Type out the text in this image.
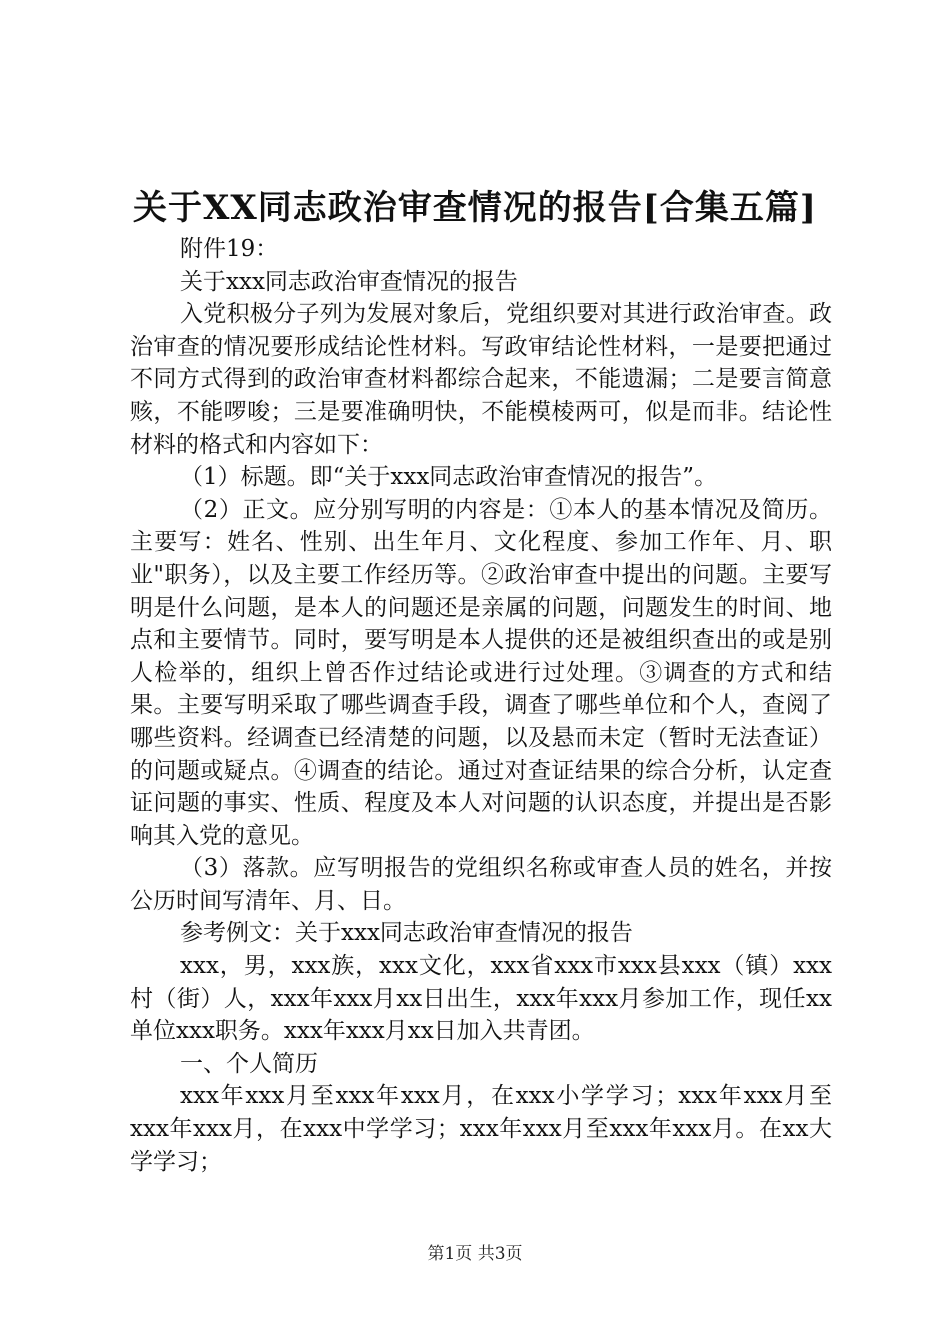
关于XX同志政治审查情况的报告[合集五篇]

附件19：

关于xxx同志政治审查情况的报告

入党积极分子列为发展对象后，党组织要对其进行政治审查。政治审查的情况要形成结论性材料。写政审结论性材料，一是要把通过不同方式得到的政治审查材料都综合起来，不能遗漏；二是要言简意赅，不能啰唆；三是要准确明快，不能模棱两可，似是而非。结论性材料的格式和内容如下：

（1）标题。即“关于xxx同志政治审查情况的报告”。

（2）正文。应分别写明的内容是：①本人的基本情况及简历。主要写：姓名、性别、出生年月、文化程度、参加工作年、月、职业"职务），以及主要工作经历等。②政治审查中提出的问题。主要写明是什么问题，是本人的问题还是亲属的问题，问题发生的时间、地点和主要情节。同时，要写明是本人提供的还是被组织查出的或是别人检举的，组织上曾否作过结论或进行过处理。③调查的方式和结果。主要写明采取了哪些调查手段，调查了哪些单位和个人，查阅了哪些资料。经调查已经清楚的问题，以及悬而未定（暂时无法查证）的问题或疑点。④调查的结论。通过对查证结果的综合分析，认定查证问题的事实、性质、程度及本人对问题的认识态度，并提出是否影响其入党的意见。

（3）落款。应写明报告的党组织名称或审查人员的姓名，并按公历时间写清年、月、日。

参考例文：关于xxx同志政治审查情况的报告

xxx，男，xxx族，xxx文化，xxx省xxx市xxx县xxx（镇）xxx村（街）人，xxx年xxx月xx日出生，xxx年xxx月参加工作，现任xx单位xxx职务。xxx年xxx月xx日加入共青团。

一、个人简历

xxx年xxx月至xxx年xxx月，在xxx小学学习；xxx年xxx月至xxx年xxx月，在xxx中学学习；xxx年xxx月至xxx年xxx月。在xx大学学习；

第1页 共3页
